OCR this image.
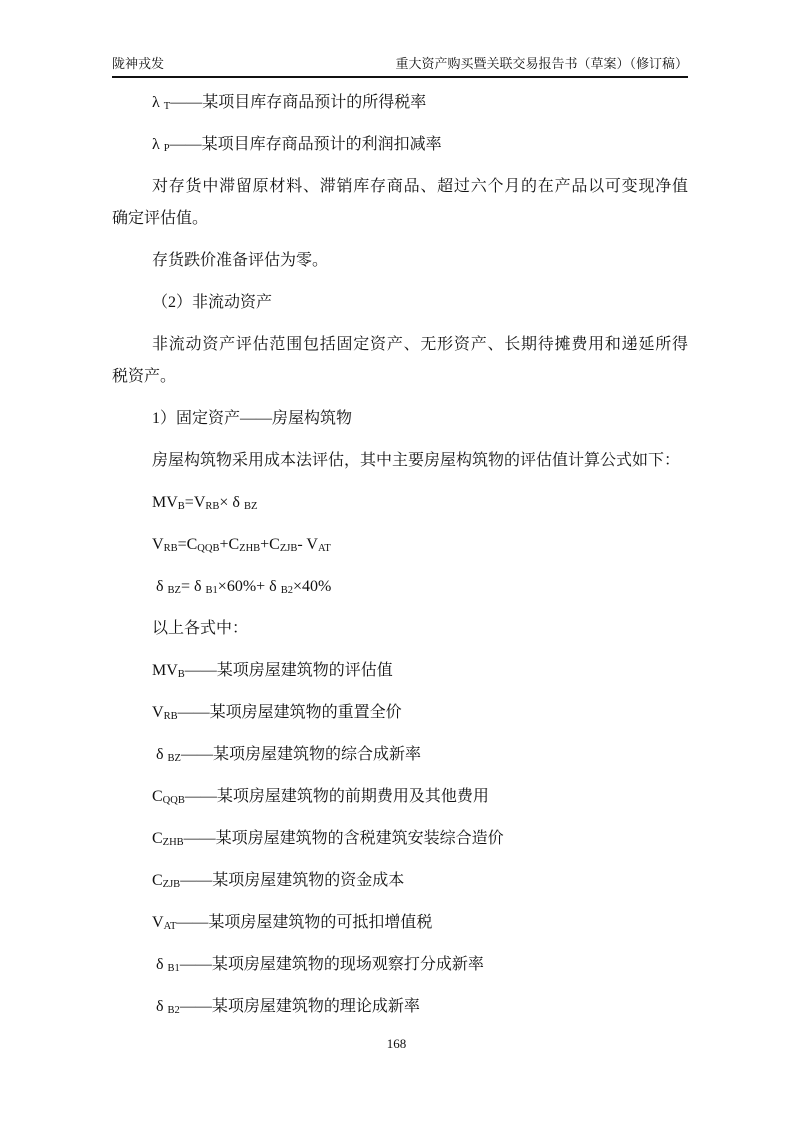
陇神戎发	重大资产购买暨关联交易报告书（草案）（修订稿）
λ $_T$——某项目库存商品预计的所得税率
λ $_P$——某项目库存商品预计的利润扣减率
对存货中滞留原材料、滞销库存商品、超过六个月的在产品以可变现净值
确定评估值。
存货跌价准备评估为零。
（2）非流动资产
非流动资产评估范围包括固定资产、无形资产、长期待摊费用和递延所得
税资产。
1）固定资产——房屋构筑物
房屋构筑物采用成本法评估，其中主要房屋构筑物的评估值计算公式如下：
$MV_B=V_{RB}\times \delta$ $_{BZ}$
$V_{RB}=C_{QQB}+C_{ZHB}+C_{ZJB}-$ $V_{AT}$
δ $_{BZ}$= δ $_{B1}$×60%+ δ $_{B2}$×40%
以上各式中：
$MV_B——$某项房屋建筑物的评估值
$V_{RB}——$某项房屋建筑物的重置全价
δ $_{BZ}$——某项房屋建筑物的综合成新率
$C_{QQB}——$某项房屋建筑物的前期费用及其他费用
$C_{ZHB}——$某项房屋建筑物的含税建筑安装综合造价
$C_{ZJB}——$某项房屋建筑物的资金成本
$V_{AT}——$某项房屋建筑物的可抵扣增值税
δ $_{B1}$——某项房屋建筑物的现场观察打分成新率
δ $_{B2}$——某项房屋建筑物的理论成新率
168
